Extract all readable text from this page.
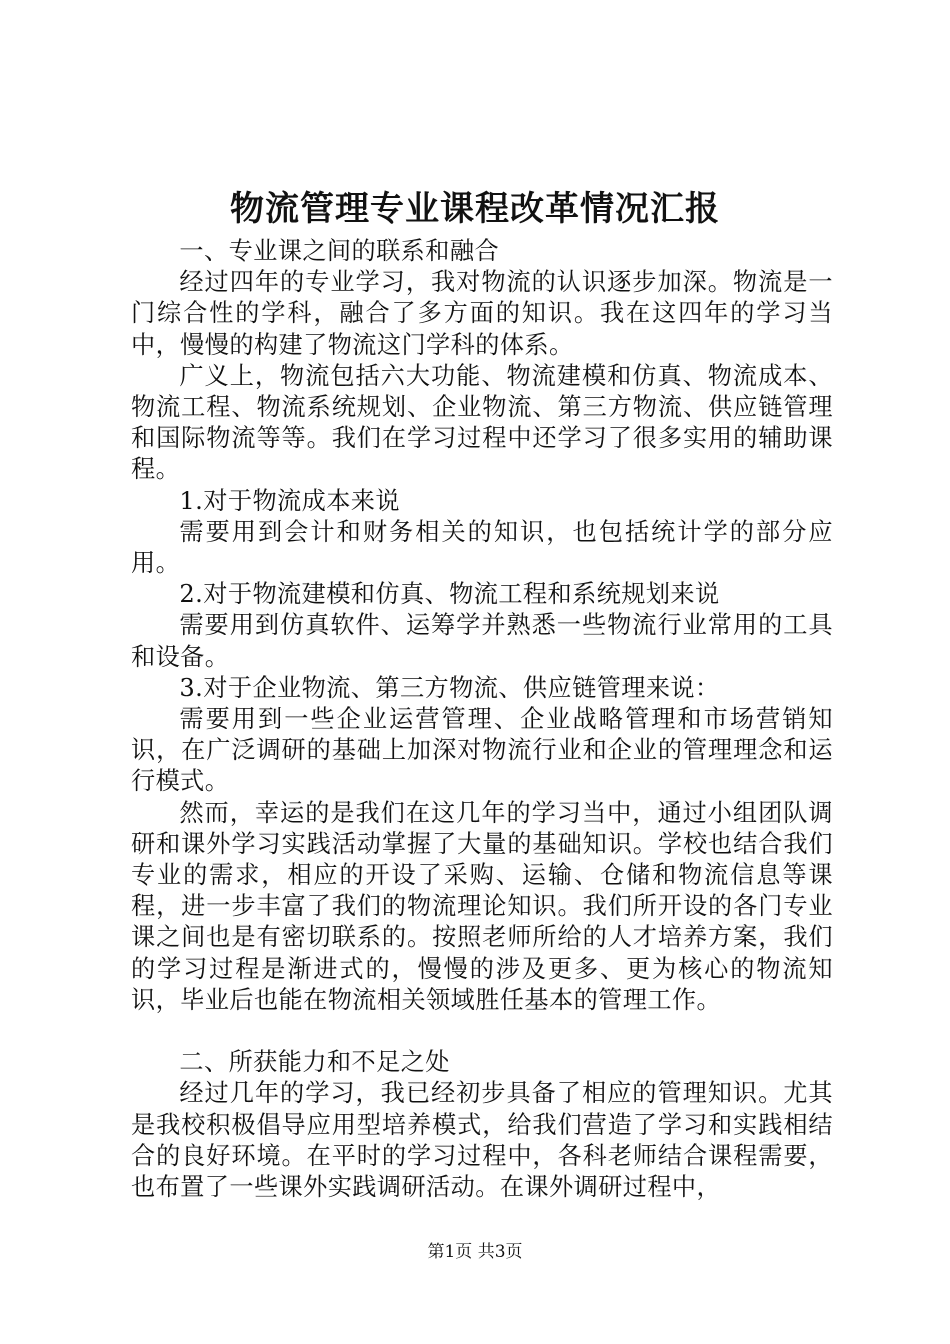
物流管理专业课程改革情况汇报

一、专业课之间的联系和融合

经过四年的专业学习，我对物流的认识逐步加深。物流是一门综合性的学科，融合了多方面的知识。我在这四年的学习当中，慢慢的构建了物流这门学科的体系。

广义上，物流包括六大功能、物流建模和仿真、物流成本、物流工程、物流系统规划、企业物流、第三方物流、供应链管理和国际物流等等。我们在学习过程中还学习了很多实用的辅助课程。

1.对于物流成本来说

需要用到会计和财务相关的知识，也包括统计学的部分应用。

2.对于物流建模和仿真、物流工程和系统规划来说

需要用到仿真软件、运筹学并熟悉一些物流行业常用的工具和设备。

3.对于企业物流、第三方物流、供应链管理来说：

需要用到一些企业运营管理、企业战略管理和市场营销知识，在广泛调研的基础上加深对物流行业和企业的管理理念和运行模式。

然而，幸运的是我们在这几年的学习当中，通过小组团队调研和课外学习实践活动掌握了大量的基础知识。学校也结合我们专业的需求，相应的开设了采购、运输、仓储和物流信息等课程，进一步丰富了我们的物流理论知识。我们所开设的各门专业课之间也是有密切联系的。按照老师所给的人才培养方案，我们的学习过程是渐进式的，慢慢的涉及更多、更为核心的物流知识，毕业后也能在物流相关领域胜任基本的管理工作。

二、所获能力和不足之处

经过几年的学习，我已经初步具备了相应的管理知识。尤其是我校积极倡导应用型培养模式，给我们营造了学习和实践相结合的良好环境。在平时的学习过程中，各科老师结合课程需要，也布置了一些课外实践调研活动。在课外调研过程中，

第1页 共3页
